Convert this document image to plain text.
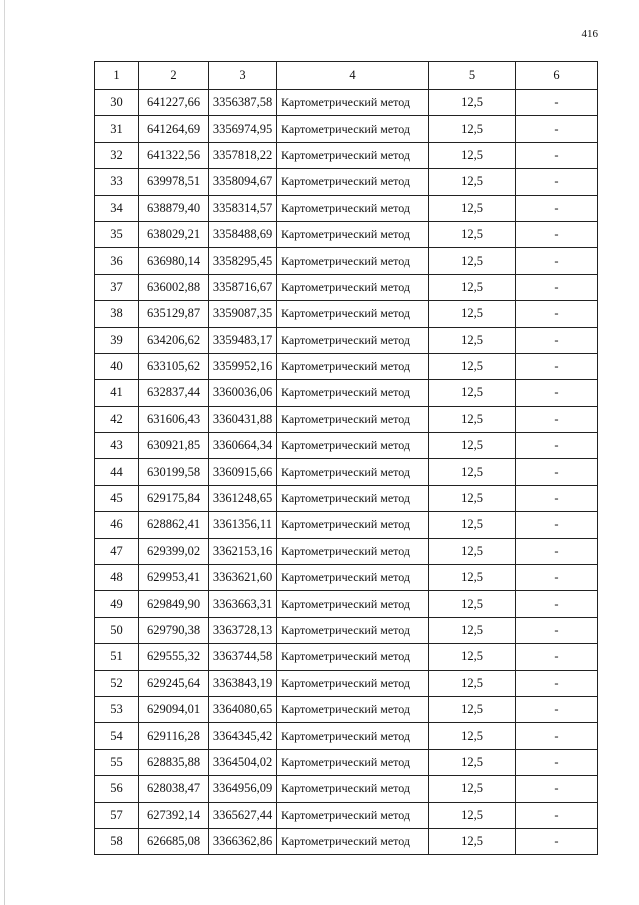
416
1	2	3	4	5	6
30	641227,66	3356387,58	Картометрический метод	12,5	-
31	641264,69	3356974,95	Картометрический метод	12,5	-
32	641322,56	3357818,22	Картометрический метод	12,5	-
33	639978,51	3358094,67	Картометрический метод	12,5	-
34	638879,40	3358314,57	Картометрический метод	12,5	-
35	638029,21	3358488,69	Картометрический метод	12,5	-
36	636980,14	3358295,45	Картометрический метод	12,5	-
37	636002,88	3358716,67	Картометрический метод	12,5	-
38	635129,87	3359087,35	Картометрический метод	12,5	-
39	634206,62	3359483,17	Картометрический метод	12,5	-
40	633105,62	3359952,16	Картометрический метод	12,5	-
41	632837,44	3360036,06	Картометрический метод	12,5	-
42	631606,43	3360431,88	Картометрический метод	12,5	-
43	630921,85	3360664,34	Картометрический метод	12,5	-
44	630199,58	3360915,66	Картометрический метод	12,5	-
45	629175,84	3361248,65	Картометрический метод	12,5	-
46	628862,41	3361356,11	Картометрический метод	12,5	-
47	629399,02	3362153,16	Картометрический метод	12,5	-
48	629953,41	3363621,60	Картометрический метод	12,5	-
49	629849,90	3363663,31	Картометрический метод	12,5	-
50	629790,38	3363728,13	Картометрический метод	12,5	-
51	629555,32	3363744,58	Картометрический метод	12,5	-
52	629245,64	3363843,19	Картометрический метод	12,5	-
53	629094,01	3364080,65	Картометрический метод	12,5	-
54	629116,28	3364345,42	Картометрический метод	12,5	-
55	628835,88	3364504,02	Картометрический метод	12,5	-
56	628038,47	3364956,09	Картометрический метод	12,5	-
57	627392,14	3365627,44	Картометрический метод	12,5	-
58	626685,08	3366362,86	Картометрический метод	12,5	-
